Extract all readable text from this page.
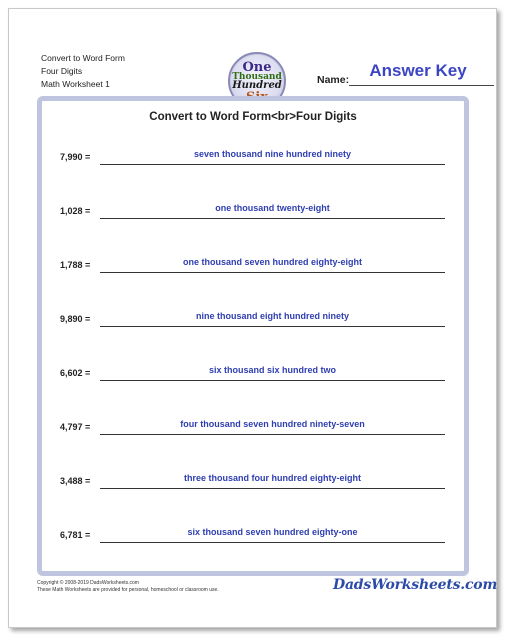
Convert to Word Form
Four Digits
Math Worksheet 1
One
Thousand
Hundred	Name:	Answer Key
Convert to Word Form<br>Four Digits
7,990 =	seven thousand nine hundred ninety
1,028 =	one thousand twenty-eight
1,788 =	one thousand seven hundred eighty-eight
9,890 =	nine thousand eight hundred ninety
6,602 =	six thousand six hundred two
4,797 =	four thousand seven hundred ninety-seven
3,488 =	three thousand four hundred eighty-eight
6,781 =	six thousand seven hundred eighty-one
Copyright © 2008-2019 DadsWorksheets.com
These Math Worksheets are provided for personal, homeschool or classroom use.	DadsWorksheets.com
